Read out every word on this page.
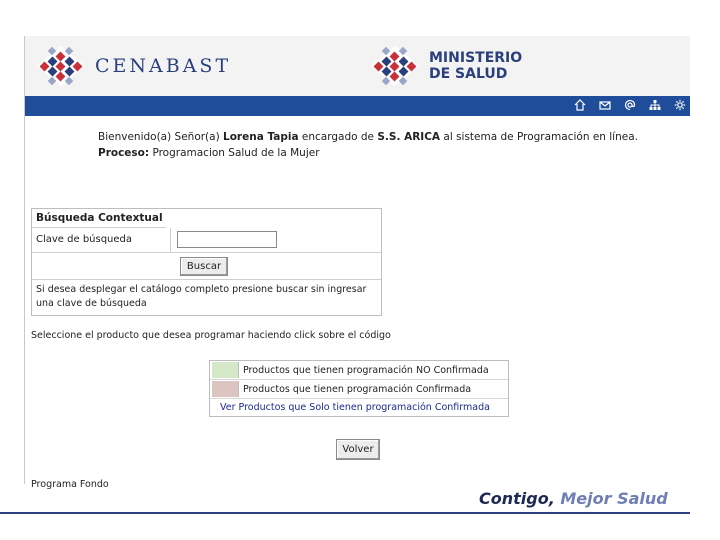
CENABAST	MINISTERIO
DE SALUD
Bienvenido(a) Señor(a) Lorena Tapia encargado de S.S. ARICA al sistema de Programación en línea.
Proceso: Programacion Salud de la Mujer
Búsqueda Contextual
Clave de búsqueda
Buscar
Si desea desplegar el catálogo completo presione buscar sin ingresar una clave de búsqueda
Seleccione el producto que desea programar haciendo click sobre el código
Productos que tienen programación NO Confirmada
Productos que tienen programación Confirmada
Ver Productos que Solo tienen programación Confirmada
Volver
Programa Fondo
Contigo, Mejor Salud
